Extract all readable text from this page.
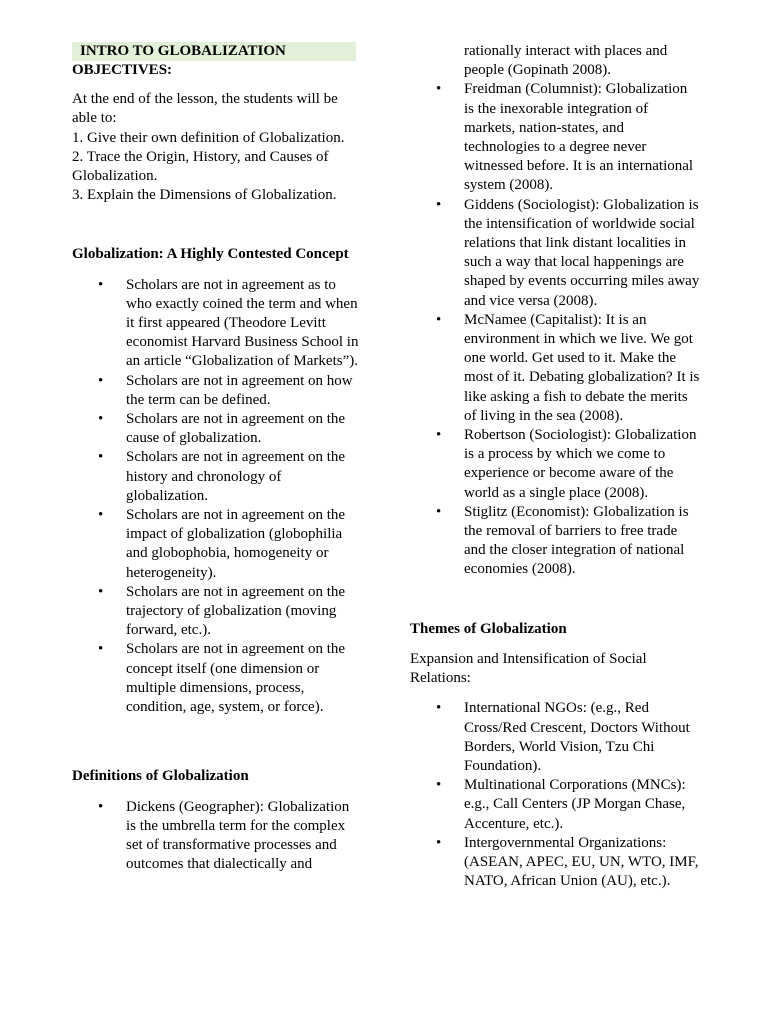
INTRO TO GLOBALIZATION

OBJECTIVES:

At the end of the lesson, the students will be able to:

1. Give their own definition of Globalization.

2. Trace the Origin, History, and Causes of Globalization.

3. Explain the Dimensions of Globalization.

Globalization: A Highly Contested Concept

• Scholars are not in agreement as to who exactly coined the term and when it first appeared (Theodore Levitt economist Harvard Business School in an article “Globalization of Markets”).
• Scholars are not in agreement on how the term can be defined.
• Scholars are not in agreement on the cause of globalization.
• Scholars are not in agreement on the history and chronology of globalization.
• Scholars are not in agreement on the impact of globalization (globophilia and globophobia, homogeneity or heterogeneity).
• Scholars are not in agreement on the trajectory of globalization (moving forward, etc.).
• Scholars are not in agreement on the concept itself (one dimension or multiple dimensions, process, condition, age, system, or force).

Definitions of Globalization

• Dickens (Geographer): Globalization is the umbrella term for the complex set of transformative processes and outcomes that dialectically and

rationally interact with places and people (Gopinath 2008).

• Freidman (Columnist): Globalization is the inexorable integration of markets, nation-states, and technologies to a degree never witnessed before. It is an international system (2008).
• Giddens (Sociologist): Globalization is the intensification of worldwide social relations that link distant localities in such a way that local happenings are shaped by events occurring miles away and vice versa (2008).
• McNamee (Capitalist): It is an environment in which we live. We got one world. Get used to it. Make the most of it. Debating globalization? It is like asking a fish to debate the merits of living in the sea (2008).
• Robertson (Sociologist): Globalization is a process by which we come to experience or become aware of the world as a single place (2008).
• Stiglitz (Economist): Globalization is the removal of barriers to free trade and the closer integration of national economies (2008).

Themes of Globalization

Expansion and Intensification of Social Relations:

• International NGOs: (e.g., Red Cross/Red Crescent, Doctors Without Borders, World Vision, Tzu Chi Foundation).
• Multinational Corporations (MNCs): e.g., Call Centers (JP Morgan Chase, Accenture, etc.).
• Intergovernmental Organizations: (ASEAN, APEC, EU, UN, WTO, IMF, NATO, African Union (AU), etc.).
